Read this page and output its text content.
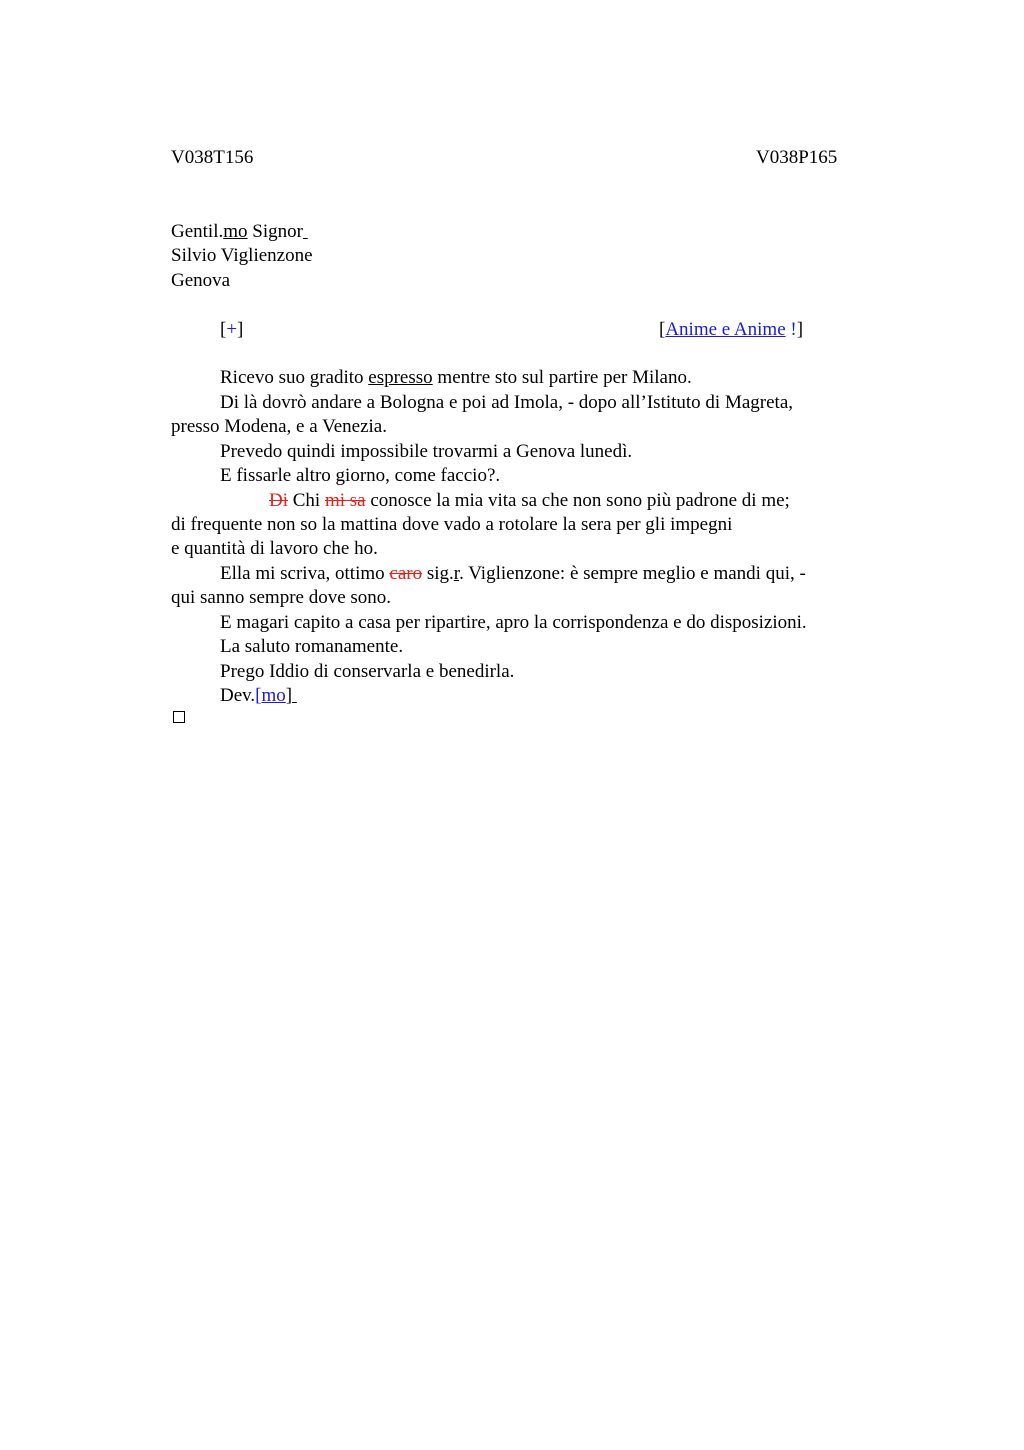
V038T156	V038P165
Gentil.mo Signor
Silvio Viglienzone
Genova
[+]	[Anime e Anime !]
Ricevo suo gradito espresso mentre sto sul partire per Milano.
Di là dovrò andare a Bologna e poi ad Imola, - dopo all’Istituto di Magreta,
presso Modena, e a Venezia.
Prevedo quindi impossibile trovarmi a Genova lunedì.
E fissarle altro giorno, come faccio?.
Di Chi mi sa conosce la mia vita sa che non sono più padrone di me;
di frequente non so la mattina dove vado a rotolare la sera per gli impegni
e quantità di lavoro che ho.
Ella mi scriva, ottimo caro sig.r. Viglienzone: è sempre meglio e mandi qui, -
qui sanno sempre dove sono.
E magari capito a casa per ripartire, apro la corrispondenza e do disposizioni.
La saluto romanamente.
Prego Iddio di conservarla e benedirla.
Dev.[mo]
